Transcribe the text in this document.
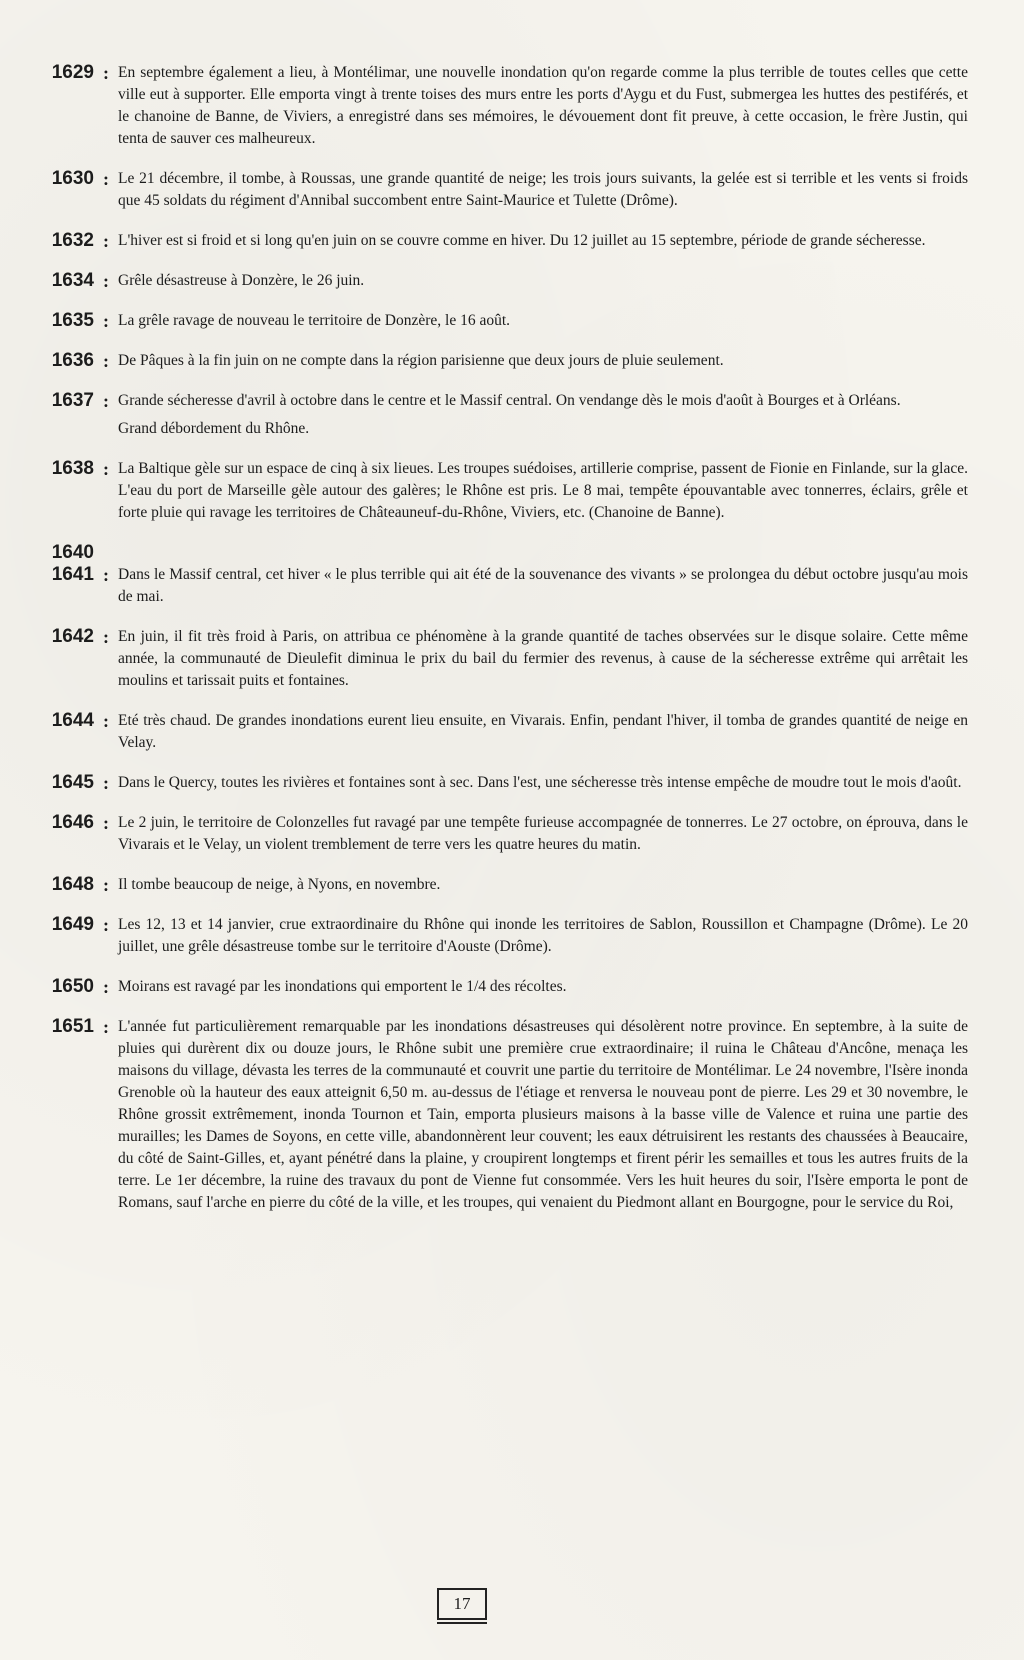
1629 : En septembre également a lieu, à Montélimar, une nouvelle inondation qu'on regarde comme la plus terrible de toutes celles que cette ville eut à supporter. Elle emporta vingt à trente toises des murs entre les ports d'Aygu et du Fust, submergea les huttes des pestiférés, et le chanoine de Banne, de Viviers, a enregistré dans ses mémoires, le dévouement dont fit preuve, à cette occasion, le frère Justin, qui tenta de sauver ces malheureux.

1630 : Le 21 décembre, il tombe, à Roussas, une grande quantité de neige; les trois jours suivants, la gelée est si terrible et les vents si froids que 45 soldats du régiment d'Annibal succombent entre Saint-Maurice et Tulette (Drôme).

1632 : L'hiver est si froid et si long qu'en juin on se couvre comme en hiver. Du 12 juillet au 15 septembre, période de grande sécheresse.

1634 : Grêle désastreuse à Donzère, le 26 juin.

1635 : La grêle ravage de nouveau le territoire de Donzère, le 16 août.

1636 : De Pâques à la fin juin on ne compte dans la région parisienne que deux jours de pluie seulement.

1637 : Grande sécheresse d'avril à octobre dans le centre et le Massif central. On vendange dès le mois d'août à Bourges et à Orléans.

Grand débordement du Rhône.

1638 : La Baltique gèle sur un espace de cinq à six lieues. Les troupes suédoises, artillerie comprise, passent de Fionie en Finlande, sur la glace. L'eau du port de Marseille gèle autour des galères; le Rhône est pris. Le 8 mai, tempête épouvantable avec tonnerres, éclairs, grêle et forte pluie qui ravage les territoires de Châteauneuf-du-Rhône, Viviers, etc. (Chanoine de Banne).

1640
1641 : Dans le Massif central, cet hiver « le plus terrible qui ait été de la souvenance des vivants » se prolongea du début octobre jusqu'au mois de mai.

1642 : En juin, il fit très froid à Paris, on attribua ce phénomène à la grande quantité de taches observées sur le disque solaire. Cette même année, la communauté de Dieulefit diminua le prix du bail du fermier des revenus, à cause de la sécheresse extrême qui arrêtait les moulins et tarissait puits et fontaines.

1644 : Eté très chaud. De grandes inondations eurent lieu ensuite, en Vivarais. Enfin, pendant l'hiver, il tomba de grandes quantité de neige en Velay.

1645 : Dans le Quercy, toutes les rivières et fontaines sont à sec. Dans l'est, une sécheresse très intense empêche de moudre tout le mois d'août.

1646 : Le 2 juin, le territoire de Colonzelles fut ravagé par une tempête furieuse accompagnée de tonnerres. Le 27 octobre, on éprouva, dans le Vivarais et le Velay, un violent tremblement de terre vers les quatre heures du matin.

1648 : Il tombe beaucoup de neige, à Nyons, en novembre.

1649 : Les 12, 13 et 14 janvier, crue extraordinaire du Rhône qui inonde les territoires de Sablon, Roussillon et Champagne (Drôme). Le 20 juillet, une grêle désastreuse tombe sur le territoire d'Aouste (Drôme).

1650 : Moirans est ravagé par les inondations qui emportent le 1/4 des récoltes.

1651 : L'année fut particulièrement remarquable par les inondations désastreuses qui désolèrent notre province. En septembre, à la suite de pluies qui durèrent dix ou douze jours, le Rhône subit une première crue extraordinaire; il ruina le Château d'Ancône, menaça les maisons du village, dévasta les terres de la communauté et couvrit une partie du territoire de Montélimar. Le 24 novembre, l'Isère inonda Grenoble où la hauteur des eaux atteignit 6,50 m. au-dessus de l'étiage et renversa le nouveau pont de pierre. Les 29 et 30 novembre, le Rhône grossit extrêmement, inonda Tournon et Tain, emporta plusieurs maisons à la basse ville de Valence et ruina une partie des murailles; les Dames de Soyons, en cette ville, abandonnèrent leur couvent; les eaux détruisirent les restants des chaussées à Beaucaire, du côté de Saint-Gilles, et, ayant pénétré dans la plaine, y croupirent longtemps et firent périr les semailles et tous les autres fruits de la terre. Le 1er décembre, la ruine des travaux du pont de Vienne fut consommée. Vers les huit heures du soir, l'Isère emporta le pont de Romans, sauf l'arche en pierre du côté de la ville, et les troupes, qui venaient du Piedmont allant en Bourgogne, pour le service du Roi,

17
